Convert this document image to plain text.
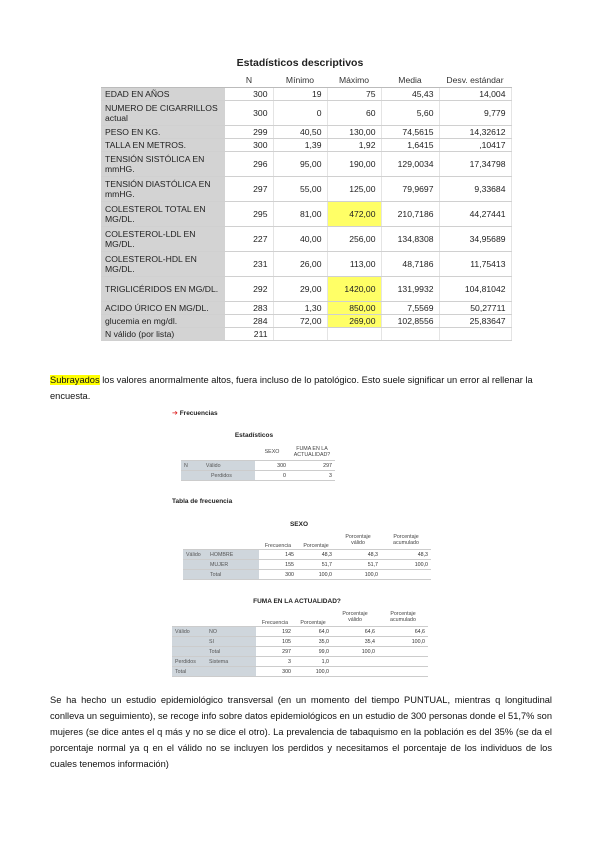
Estadísticos descriptivos
	N	Mínimo	Máximo	Media	Desv. estándar
EDAD EN AÑOS	300	19	75	45,43	14,004
NUMERO DE CIGARRILLOS actual	300	0	60	5,60	9,779
PESO EN KG.	299	40,50	130,00	74,5615	14,32612
TALLA EN METROS.	300	1,39	1,92	1,6415	,10417
TENSIÓN SISTÓLICA EN mmHG.	296	95,00	190,00	129,0034	17,34798
TENSIÓN DIASTÓLICA EN mmHG.	297	55,00	125,00	79,9697	9,33684
COLESTEROL TOTAL EN MG/DL.	295	81,00	472,00	210,7186	44,27441
COLESTEROL-LDL EN MG/DL.	227	40,00	256,00	134,8308	34,95689
COLESTEROL-HDL EN MG/DL.	231	26,00	113,00	48,7186	11,75413
TRIGLICÉRIDOS EN MG/DL.	292	29,00	1420,00	131,9932	104,81042
ACIDO ÚRICO EN MG/DL.	283	1,30	850,00	7,5569	50,27711
glucemia en mg/dl.	284	72,00	269,00	102,8556	25,83647
N válido (por lista)	211				
Subrayados los valores anormalmente altos, fuera incluso de lo patológico. Esto suele significar un error al rellenar la encuesta.
➔ Frecuencias
Estadísticos
	SEXO	FUMA EN LA ACTUALIDAD?
N Válido	300	297
Perdidos	0	3
Tabla de frecuencia
SEXO
	Frecuencia	Porcentaje	Porcentaje válido	Porcentaje acumulado
Válido HOMBRE	145	48,3	48,3	48,3
MUJER	155	51,7	51,7	100,0
Total	300	100,0	100,0	
FUMA EN LA ACTUALIDAD?
	Frecuencia	Porcentaje	Porcentaje válido	Porcentaje acumulado
Válido NO	192	64,0	64,6	64,6
SI	105	35,0	35,4	100,0
Total	297	99,0	100,0	
Perdidos Sistema	3	1,0		
Total	300	100,0		
Se ha hecho un estudio epidemiológico transversal (en un momento del tiempo PUNTUAL, mientras q longitudinal conlleva un seguimiento), se recoge info sobre datos epidemiológicos en un estudio de 300 personas donde el 51,7% son mujeres (se dice antes el q más y no se dice el otro). La prevalencia de tabaquismo en la población es del 35% (se da el porcentaje normal ya q en el válido no se incluyen los perdidos y necesitamos el porcentaje de los individuos de los cuales tenemos información)
